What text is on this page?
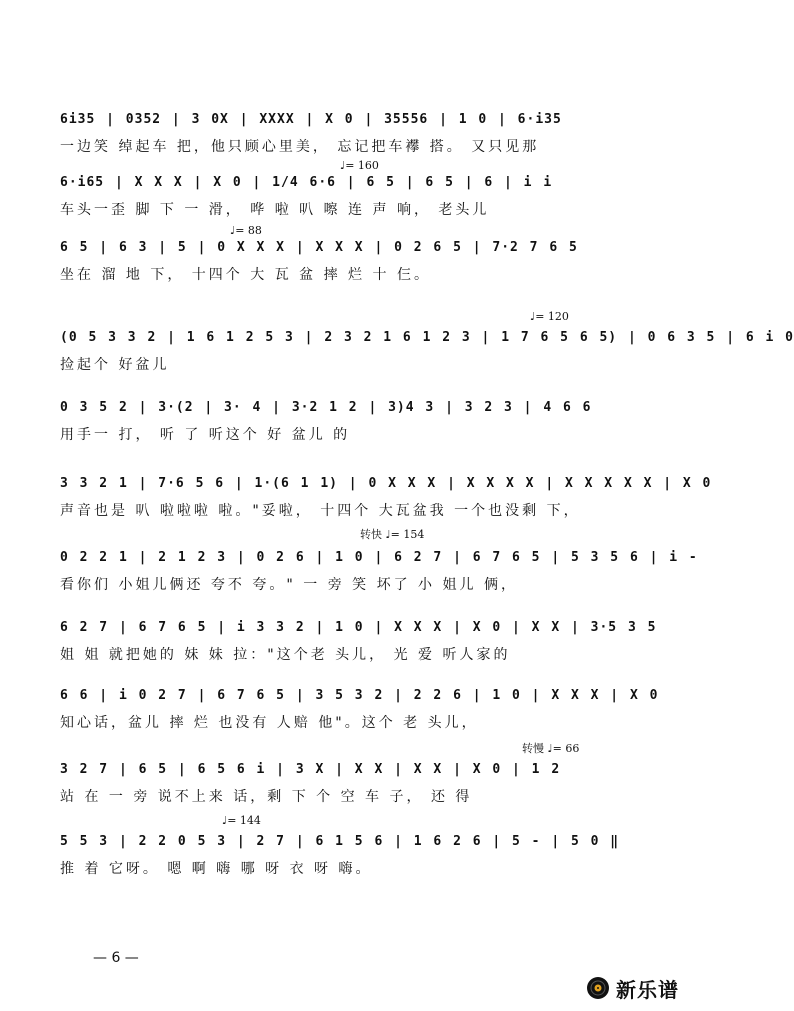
6i35 | 0352 | 3 0X | XXXX | X 0 | 35556 | 1 0 | 6·i35
一边笑 绰起车 把，他只顾心里美， 忘记把车襻 搭。 又只见那
♩= 160
6·i65 | X X X | X 0 | 1/4 6·6 | 6 5 | 6 5 | 6 | i i
车头一歪 脚 下 一 滑， 哗 啦 叭 嚓 连 声 响， 老头儿
♩= 88
6 5 | 6 3 | 5 | 0 X X X | X X X | 0 2 6 5 | 7·2 7 6 5
坐在 溜 地 下， 十四个 大 瓦 盆 摔 烂 十 仨。
♩= 120
(0 5 3 3 2 | 1 6 1 2 5 3 | 2 3 2 1 6 1 2 3 | 1 7 6 5 6 5) | 0 6 3 5 | 6 i 0
捡起个 好盆儿
0 3 5 2 | 3·(2 | 3· 4 | 3·2 1 2 | 3)4 3 | 3 2 3 | 4 6 6
用手一 打， 听 了 听这个 好 盆儿 的
3 3 2 1 | 7·6 5 6 | 1·(6 1 1) | 0 X X X | X X X X | X X X X X | X 0
声音也是 叭 啦啦啦 啦。"妥啦， 十四个 大瓦盆我 一个也没剩 下，
转快 ♩= 154
0 2 2 1 | 2 1 2 3 | 0 2 6 | 1 0 | 6 2 7 | 6 7 6 5 | 5 3 5 6 | i -
看你们 小姐儿俩还 夸不 夸。" 一 旁 笑 坏了 小 姐儿 俩，
6 2 7 | 6 7 6 5 | i 3 3 2 | 1 0 | X X X | X 0 | X X | 3·5 3 5
姐 姐 就把她的 妹 妹 拉："这个老 头儿， 光 爱 听人家的
6 6 | i 0 2 7 | 6 7 6 5 | 3 5 3 2 | 2 2 6 | 1 0 | X X X | X 0
知心话，盆儿 摔 烂 也没有 人赔 他"。这个 老 头儿，
转慢 ♩= 66
3 2 7 | 6 5 | 6 5 6 i | 3 X | X X | X X | X 0 | 1 2
站 在 一 旁 说不上来 话，剩 下 个 空 车 子， 还 得
♩= 144
5 5 3 | 2 2 0 5 3 | 2 7 | 6 1 5 6 | 1 6 2 6 | 5 - | 5 0 ‖
推 着 它呀。 嗯 啊 嗨 哪 呀 衣 呀 嗨。
— 6 —
新乐谱
